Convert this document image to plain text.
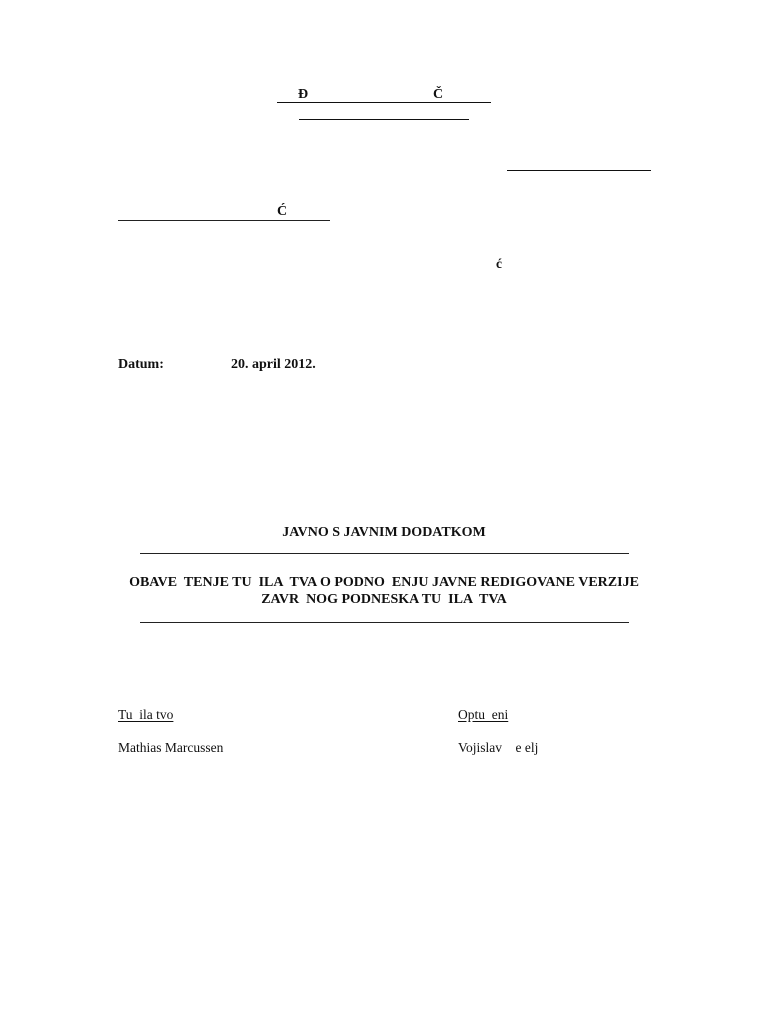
Đ	Č
Ć
ć
Datum:	20. april 2012.
JAVNO S JAVNIM DODATKOM
OBAVE  TENJE TU  ILA  TVA O PODNO  ENJU JAVNE REDIGOVANE VERZIJE
ZAVR  NOG PODNESKA TU  ILA  TVA
Tu  ila tvo
Mathias Marcussen
Optu  eni
Vojislav    e elj
